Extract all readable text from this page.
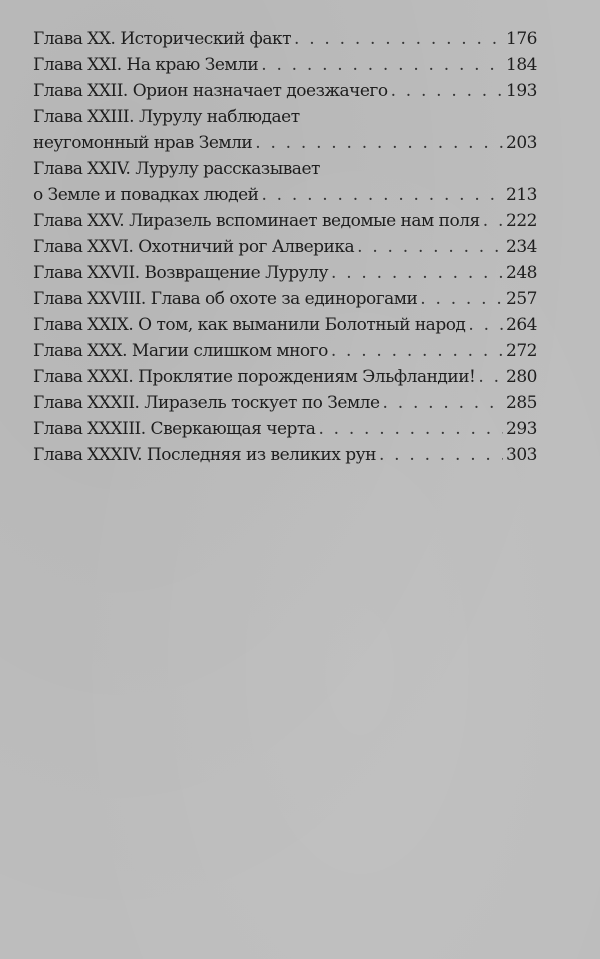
Глава XX. Исторический факт . . .	176
Глава XXI. На краю Земли . . .	184
Глава XXII. Орион назначает доезжачего . . .	193
Глава XXIII. Лурулу наблюдает
неугомонный нрав Земли . . .	203
Глава XXIV. Лурулу рассказывает
о Земле и повадках людей . . .	213
Глава XXV. Лиразель вспоминает ведомые нам поля . . . 222
Глава XXVI. Охотничий рог Алверика . . .	234
Глава XXVII. Возвращение Лурулу . . .	248
Глава XXVIII. Глава об охоте за единорогами . . .	257
Глава XXIX. О том, как выманили Болотный народ . . . 264
Глава XXX. Магии слишком много . . .	272
Глава XXXI. Проклятие порождениям Эльфландии! . . . 280
Глава XXXII. Лиразель тоскует по Земле . . .	285
Глава XXXIII. Сверкающая черта . . .	293
Глава XXXIV. Последняя из великих рун . . .	303
